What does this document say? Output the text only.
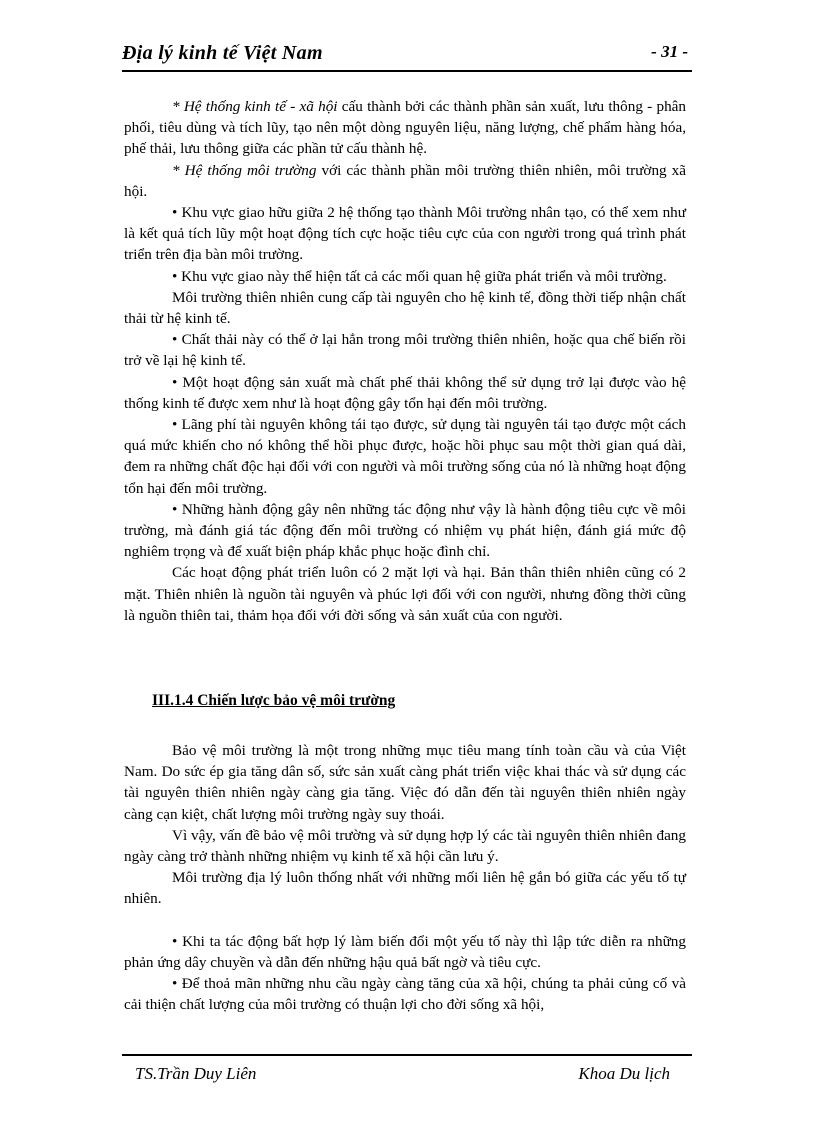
Địa lý kinh tế Việt Nam	- 31 -

* Hệ thống kinh tế - xã hội cấu thành bởi các thành phần sản xuất, lưu thông - phân phối, tiêu dùng và tích lũy, tạo nên một dòng nguyên liệu, năng lượng, chế phẩm hàng hóa, phế thải, lưu thông giữa các phần tử cấu thành hệ.

* Hệ thống môi trường với các thành phần môi trường thiên nhiên, môi trường xã hội.

• Khu vực giao hữu giữa 2 hệ thống tạo thành Môi trường nhân tạo, có thể xem như là kết quả tích lũy một hoạt động tích cực hoặc tiêu cực của con người trong quá trình phát triển trên địa bàn môi trường.

• Khu vực giao này thể hiện tất cả các mối quan hệ giữa phát triển và môi trường.

Môi trường thiên nhiên cung cấp tài nguyên cho hệ kinh tế, đồng thời tiếp nhận chất thải từ hệ kinh tế.

• Chất thải này có thể ở lại hẳn trong môi trường thiên nhiên, hoặc qua chế biến rồi trở về lại hệ kinh tế.

• Một hoạt động sản xuất mà chất phế thải không thể sử dụng trở lại được vào hệ thống kinh tế được xem như là hoạt động gây tổn hại đến môi trường.

• Lãng phí tài nguyên không tái tạo được, sử dụng tài nguyên tái tạo được một cách quá mức khiến cho nó không thể hồi phục được, hoặc hồi phục sau một thời gian quá dài, đem ra những chất độc hại đối với con người và môi trường sống của nó là những hoạt động tổn hại đến môi trường.

• Những hành động gây nên những tác động như vậy là hành động tiêu cực về môi trường, mà đánh giá tác động đến môi trường có nhiệm vụ phát hiện, đánh giá mức độ nghiêm trọng và để xuất biện pháp khắc phục hoặc đình chỉ.

Các hoạt động phát triển luôn có 2 mặt lợi và hại. Bản thân thiên nhiên cũng có 2 mặt. Thiên nhiên là nguồn tài nguyên và phúc lợi đối với con người, nhưng đồng thời cũng là nguồn thiên tai, thảm họa đối với đời sống và sản xuất của con người.

III.1.4 Chiến lược bảo vệ môi trường

Bảo vệ môi trường là một trong những mục tiêu mang tính toàn cầu và của Việt Nam. Do sức ép gia tăng dân số, sức sản xuất càng phát triển việc khai thác và sử dụng các tài nguyên thiên nhiên ngày càng gia tăng. Việc đó dẫn đến tài nguyên thiên nhiên ngày càng cạn kiệt, chất lượng môi trường ngày suy thoái.

Vì vậy, vấn đề bảo vệ môi trường và sử dụng hợp lý các tài nguyên thiên nhiên đang ngày càng trở thành những nhiệm vụ kinh tế xã hội cần lưu ý.

Môi trường địa lý luôn thống nhất với những mối liên hệ gắn bó giữa các yếu tố tự nhiên.

• Khi ta tác động bất hợp lý làm biến đổi một yếu tố này thì lập tức diễn ra những phản ứng dây chuyền và dẫn đến những hậu quả bất ngờ và tiêu cực.

• Để thoả mãn những nhu cầu ngày càng tăng của xã hội, chúng ta phải củng cố và cải thiện chất lượng của môi trường có thuận lợi cho đời sống xã hội,

TS.Trần Duy Liên	Khoa Du lịch
